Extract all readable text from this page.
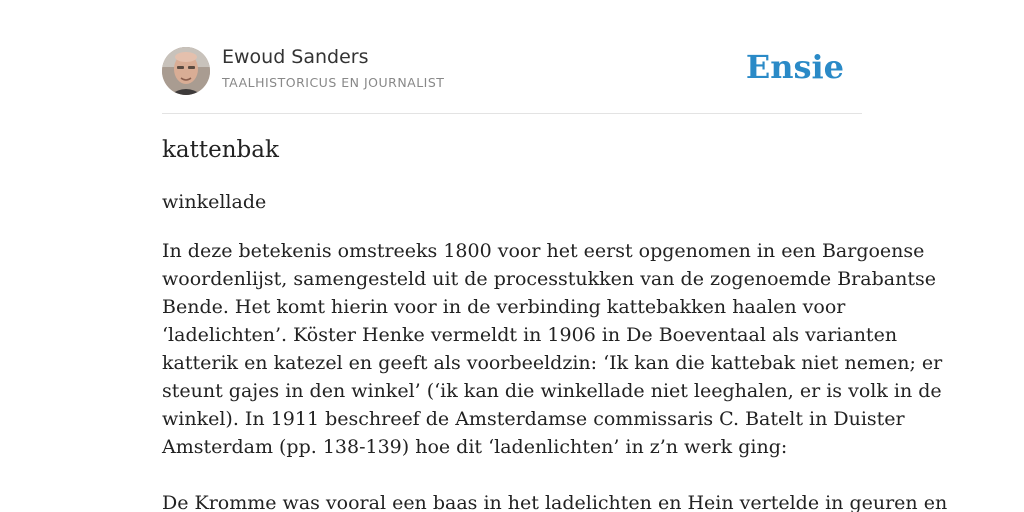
Ewoud Sanders
TAALHISTORICUS EN JOURNALIST	Ensie
kattenbak

winkellade

In deze betekenis omstreeks 1800 voor het eerst opgenomen in een Bargoense
woordenlijst, samengesteld uit de processtukken van de zogenoemde Brabantse
Bende. Het komt hierin voor in de verbinding kattebakken haalen voor
‘ladelichten’. Köster Henke vermeldt in 1906 in De Boeventaal als varianten
katterik en katezel en geeft als voorbeeldzin: ‘Ik kan die kattebak niet nemen; er
steunt gajes in den winkel’ (‘ik kan die winkellade niet leeghalen, er is volk in de
winkel). In 1911 beschreef de Amsterdamse commissaris C. Batelt in Duister
Amsterdam (pp. 138-139) hoe dit ‘ladenlichten’ in z’n werk ging:
De Kromme was vooral een baas in het ladelichten en Hein vertelde in geuren en
